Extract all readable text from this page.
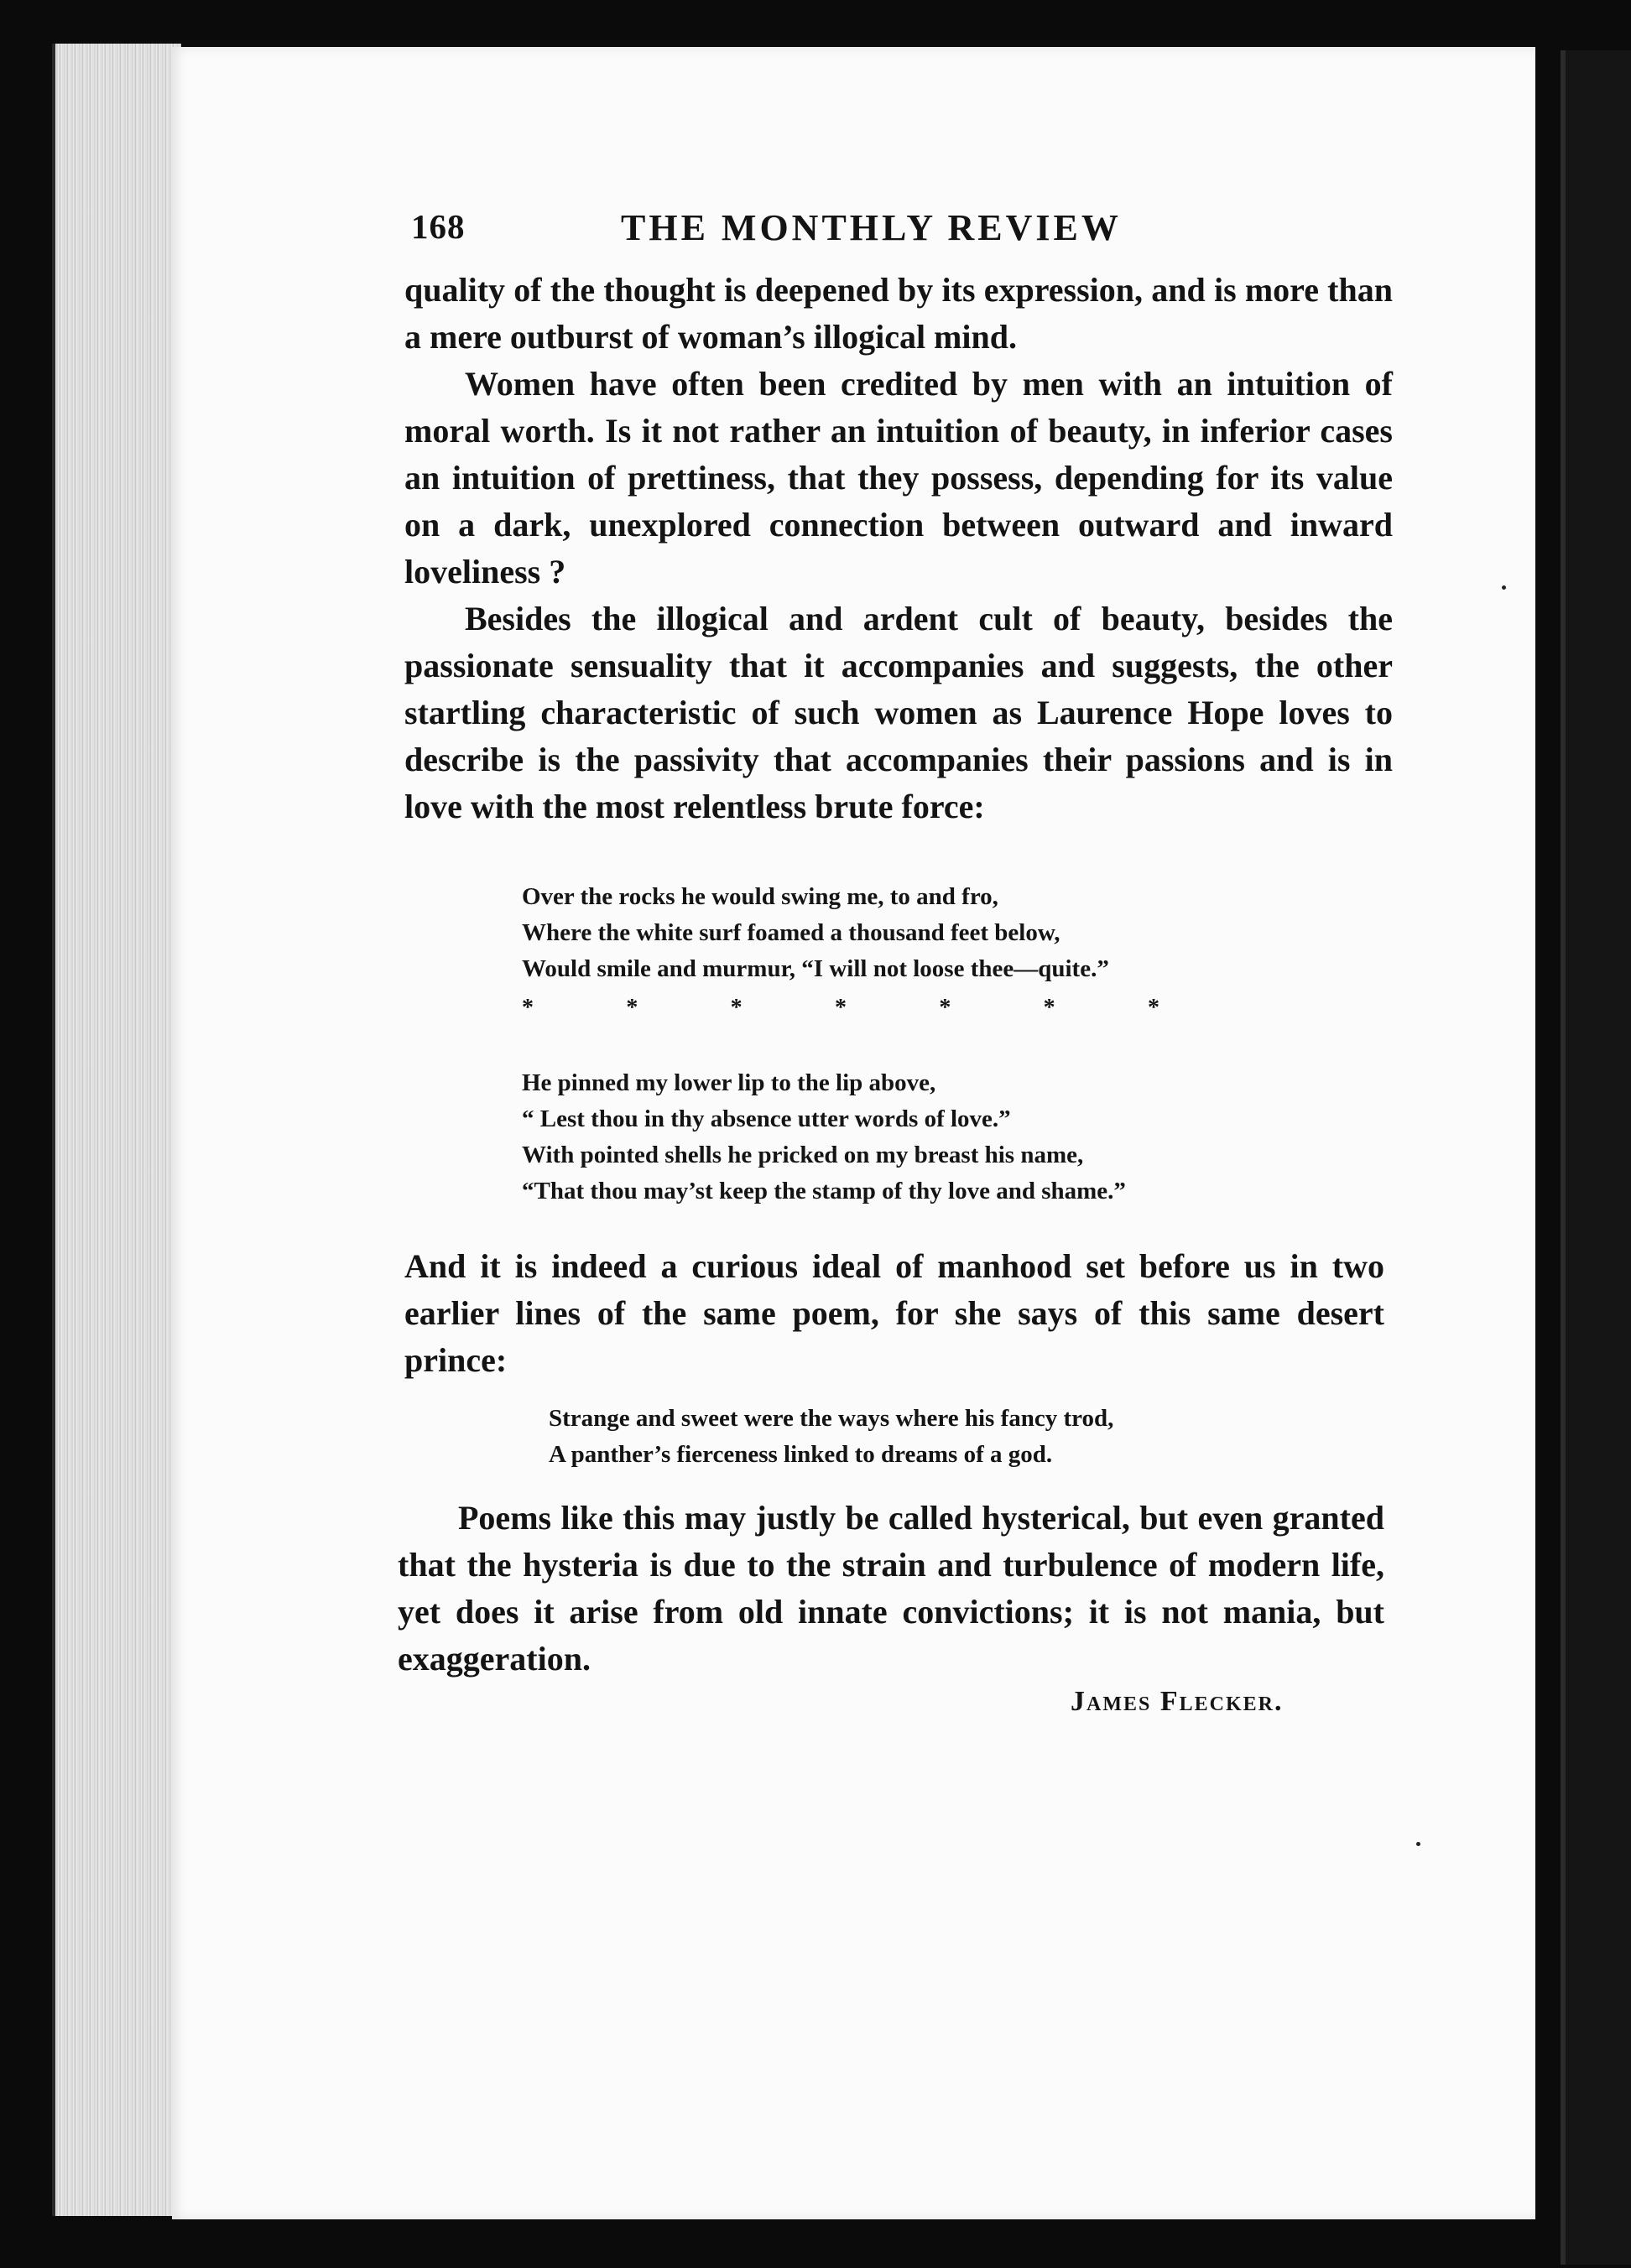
168	THE MONTHLY REVIEW

quality of the thought is deepened by its expression, and is more than a mere outburst of woman’s illogical mind.

Women have often been credited by men with an intuition of moral worth. Is it not rather an intuition of beauty, in inferior cases an intuition of prettiness, that they possess, depending for its value on a dark, unexplored connection between outward and inward loveliness ?

Besides the illogical and ardent cult of beauty, besides the passionate sensuality that it accompanies and suggests, the other startling characteristic of such women as Laurence Hope loves to describe is the passivity that accompanies their passions and is in love with the most relentless brute force:

Over the rocks he would swing me, to and fro,

Where the white surf foamed a thousand feet below,

Would smile and murmur, “I will not loose thee—quite.”

*	*	*	*	*	*	*

He pinned my lower lip to the lip above,

“ Lest thou in thy absence utter words of love.”

With pointed shells he pricked on my breast his name,

“That thou may’st keep the stamp of thy love and shame.”

And it is indeed a curious ideal of manhood set before us in two earlier lines of the same poem, for she says of this same desert prince:

Strange and sweet were the ways where his fancy trod,

A panther’s fierceness linked to dreams of a god.

Poems like this may justly be called hysterical, but even granted that the hysteria is due to the strain and turbulence of modern life, yet does it arise from old innate convictions; it is not mania, but exaggeration.

James Flecker.
